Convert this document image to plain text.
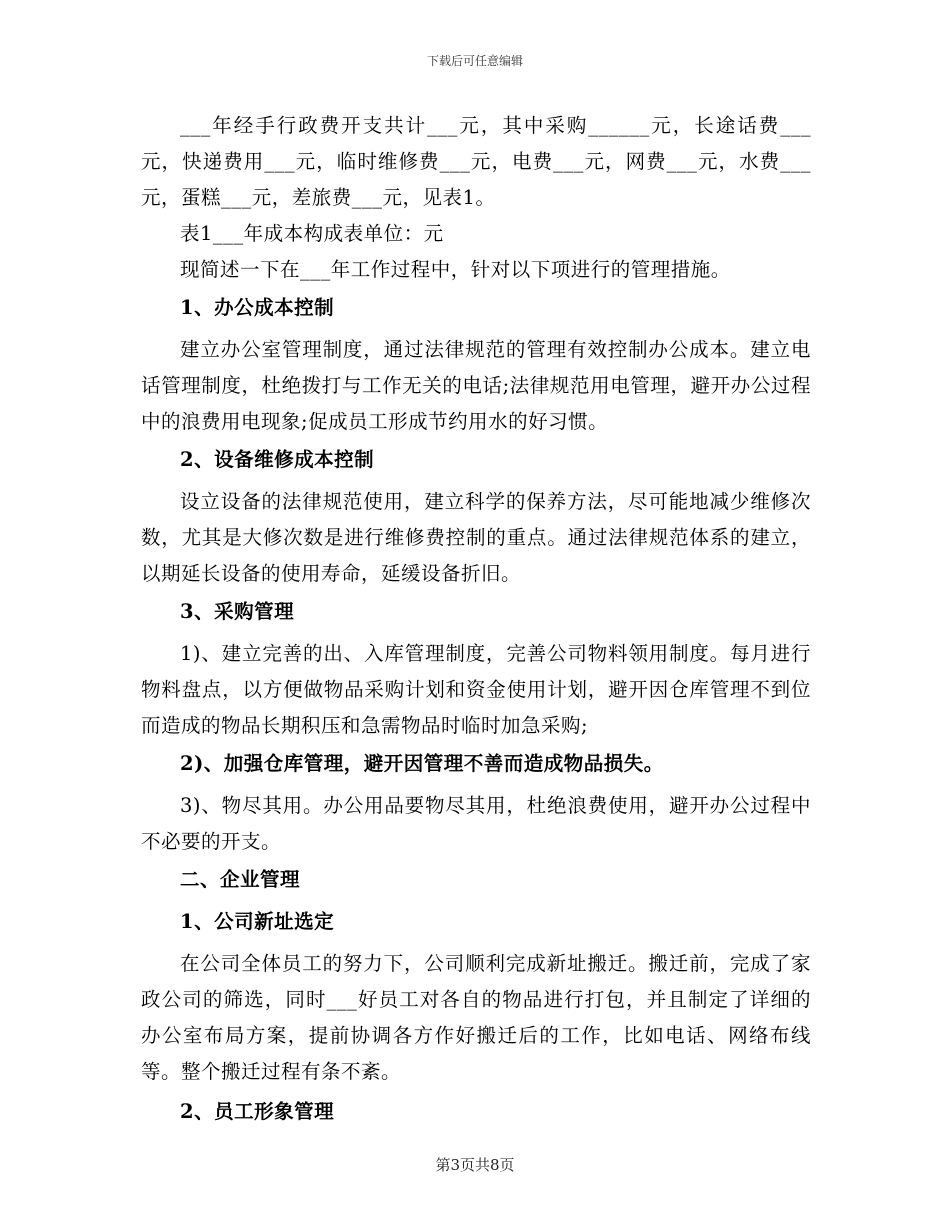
下载后可任意编辑

___年经手行政费开支共计___元，其中采购______元，长途话费___元，快递费用___元，临时维修费___元，电费___元，网费___元，水费___元，蛋糕___元，差旅费___元，见表1。

表1___年成本构成表单位：元

现简述一下在___年工作过程中，针对以下项进行的管理措施。

1、办公成本控制

建立办公室管理制度，通过法律规范的管理有效控制办公成本。建立电话管理制度，杜绝拨打与工作无关的电话;法律规范用电管理，避开办公过程中的浪费用电现象;促成员工形成节约用水的好习惯。

2、设备维修成本控制

设立设备的法律规范使用，建立科学的保养方法，尽可能地减少维修次数，尤其是大修次数是进行维修费控制的重点。通过法律规范体系的建立，以期延长设备的使用寿命，延缓设备折旧。

3、采购管理

1)、建立完善的出、入库管理制度，完善公司物料领用制度。每月进行物料盘点，以方便做物品采购计划和资金使用计划，避开因仓库管理不到位而造成的物品长期积压和急需物品时临时加急采购;

2)、加强仓库管理，避开因管理不善而造成物品损失。

3)、物尽其用。办公用品要物尽其用，杜绝浪费使用，避开办公过程中不必要的开支。

二、企业管理

1、公司新址选定

在公司全体员工的努力下，公司顺利完成新址搬迁。搬迁前，完成了家政公司的筛选，同时___好员工对各自的物品进行打包，并且制定了详细的办公室布局方案，提前协调各方作好搬迁后的工作，比如电话、网络布线等。整个搬迁过程有条不紊。

2、员工形象管理

第3页共8页
